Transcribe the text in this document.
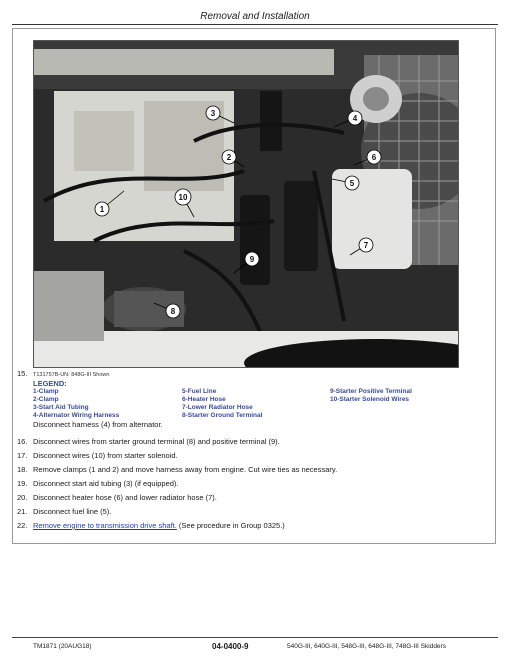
Removal and Installation
1
2
3
4
5
6
7
8
9
10
15. T131757B-UN: 848G-III Shown
LEGEND:
1-Clamp
2-Clamp
3-Start Aid Tubing
4-Alternator Wiring Harness
5-Fuel Line
6-Heater Hose
7-Lower Radiator Hose
8-Starter Ground Terminal
9-Starter Positive Terminal
10-Starter Solenoid Wires
Disconnect harness (4) from alternator.
16. Disconnect wires from starter ground terminal (8) and positive terminal (9).
17. Disconnect wires (10) from starter solenoid.
18. Remove clamps (1 and 2) and move harness away from engine. Cut wire ties as necessary.
19. Disconnect start aid tubing (3) (if equipped).
20. Disconnect heater hose (6) and lower radiator hose (7).
21. Disconnect fuel line (5).
22. Remove engine to transmission drive shaft. (See procedure in Group 0325.)
TM1871 (20AUG18)	04-0400-9	540G-III, 640G-III, 548G-III, 648G-III, 748G-III Skidders
